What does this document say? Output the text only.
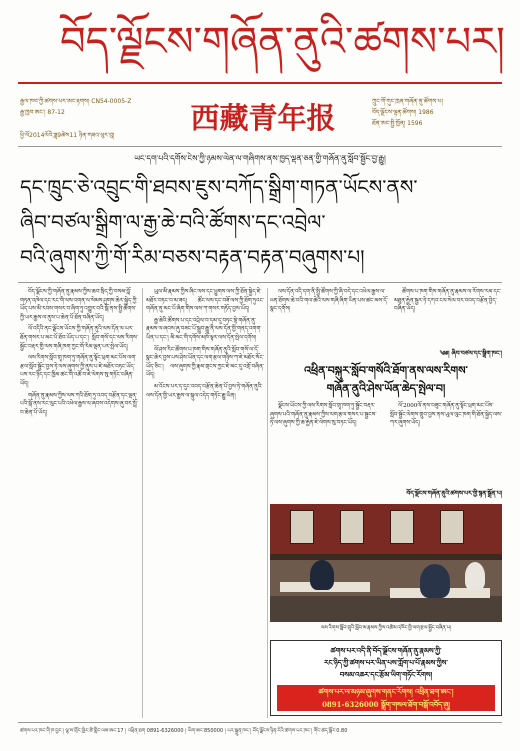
བོད་ལྗོངས་གཞོན་ནུའི་ཚགས་པར།
རྒྱལ་ཁབ་ཀྱི་ཚགས་པར་ཨང་རྟགས། CN54-0005-Z
རྒྱ་ཁྱབ་ཨང་། 87-12	西藏青年报	ཀྲུང་གོ་གུང་ཁྲན་གཞོན་ནུ་ཚོགས་པ།
བོད་ལྗོངས་ལྷན་ཚོགས། 1986
ཐོན་ཨང་སྤྱི་ཁྱོན། 1596
ཕྱི་ལོ2014ལོའི་ཟླ9ཚེས11 ཉིན་གཟའ་ཕུར་བུ།
ཡང་དག་པའི་དགོས་ངེས་ཀྱི་ཉམས་ལེན་ལ་གཞིགས་ནས་ཁྱད་ལྡན་ཅན་གྱི་གཞོན་ནུ་སློབ་སྦྱོང་བྱ་རྒྱུ།
དང་ཁྲུང་ཅེ་འབྲུང་གི་ཐབས་ཇུས་བཀོད་སྒྲིག་གཏན་ཡོངས་ནས་
ཞིབ་བཙལ་སྒྲིག་ལ་རྒྱ་ཆེ་བའི་ཚོགས་དང་འབྲེལ་
བའི་ཞུགས་ཀྱི་གོ་རིམ་བཅས་བརྟན་བརྟན་བཞུགས་པ།

བོད་ལྗོངས་ཀྱི་གཞོན་ནུ་རྣམས་ཀྱིས་ཆབ་སྲིད་ཀྱི་བསམ་བློ་གཏན་འཁེལ་དང་རང་གི་ལས་འགན་ལ་སེམས་ཤུགས་ཆེར་སྐྱེད་ཀྱི་ཡོད་པས་མི་རབས་གསར་བ་ཞིག་ཏུ་འགྱུར་བའི་སྒོ་ནས་སྤྱི་ཚོགས་ཀྱི་ཡར་རྒྱས་ལ་ནུས་པ་ཆེན་པོ་ཐོན་བཞིན་ཡོད།

ལོ་འདིའི་ནང་ལྗོངས་ཡོངས་ཀྱི་གཞོན་ནུའི་ལས་དོན་ལ་ཡར་ཐོན་གསར་པ་མང་པོ་ཐོབ་ཡོད་པ་དང་། སློབ་གསོ་དང་ལས་རིགས་སྦྱོང་བརྡར་གྱི་ལས་གཞི་ཁག་ཀྱང་གོ་རིམ་ལྡན་པར་སྤེལ་ཡོད།

ལས་རིགས་སློབ་གྲྭ་ཁག་ཏུ་གཞོན་ནུ་སྟོང་ཕྲག་མང་པོས་ལག་རྩལ་སློབ་སྦྱོང་བྱས་ཏེ་ལས་ཞུགས་ཀྱི་ནུས་པ་ཇེ་མཐོར་བཏང་ཡོད་པས་རང་ཉིད་དང་ཁྱིམ་ཚང་གི་འཚོ་བ་ཇེ་ལེགས་སུ་གཏོང་བཞིན་ཡོད།

གཞོན་ནུ་རྣམས་ཀྱིས་ལས་ཀའི་ཐོག་ཏུ་འབད་བརྩོན་དང་ལྡན་པའི་སྒོ་ནས་རང་ལུང་པའི་འཕེལ་རྒྱས་ལ་ཞབས་འདེགས་ཞུ་བར་སྤྲོ་བ་ཆེན་པོ་ཡོད།

ཡུལ་མི་རྣམས་ཀྱིས་ཞིང་ལས་དང་ཕྱུགས་ལས་ཀྱི་ཐོན་སྐྱེད་ཇེ་མཐོར་བཏང་བ་མ་ཟད། ཚོང་ལས་དང་བཟོ་ལས་ཀྱི་ཐོག་ཏུའང་གཞོན་ནུ་མང་པོ་ཞིག་གིས་ལས་ཀ་གསར་གཏོད་བྱས་ཡོད།

རྒྱ་ཆེའི་ཚོགས་པ་དང་འབྲེལ་བ་དམ་དུ་བཏང་སྟེ་གཞོན་ནུ་རྣམས་ལ་ཞབས་ཞུ་བཟང་པོ་སྒྲུབ་རྒྱུ་ནི་ལས་དོན་གྱི་གནད་འགག་ཡིན་པ་དང་། མི་མང་གི་དགོས་མཁོ་ལྟར་ལས་དོན་སྤེལ་དགོས།

ལོ་ཤས་རིང་ཚོགས་པ་ཁག་གིས་གཞོན་ནུའི་སློབ་གསོ་ལ་དོ་སྣང་ཆེར་བྱས་པས་ཤེས་ཡོན་དང་ལག་རྩལ་གཉིས་ཀ་ཇེ་མཐོར་སོང་ཡོད་ཅིང་། ལས་ཞུགས་ཀྱི་རྣམ་གྲངས་ཀྱང་ཇེ་མང་དུ་འགྲོ་བཞིན་ཡོད།

མ་འོངས་པར་ད་དུང་འབད་བརྩོན་ཆེན་པོ་བྱས་ཏེ་གཞོན་ནུའི་ལས་དོན་གྱི་ཡར་རྒྱས་ལ་སྐུལ་འདེད་གཏོང་རྒྱུ་ཡིན།

ལས་དོན་འདི་དག་ནི་སྤྱི་ཚོགས་ཀྱི་ཞི་བདེ་དང་འཕེལ་རྒྱས་ལ་ཕན་ཐོགས་ཆེ་བའི་གལ་ཆེའི་ལས་གཞི་ཞིག་ཡིན་པས་ཚང་མས་དོ་སྣང་དགོས།

ཚོགས་པ་ཁག་གིས་གཞོན་ནུ་རྣམས་ལ་རོགས་རམ་དང་མཐུན་རྐྱེན་སྦྱར་ཏེ་དཀའ་ངལ་སེལ་བར་འབད་བརྩོན་བྱེད་བཞིན་ཡོད།

༄༅། ཞིབ་བཙལ་དང་སྒྲིག་ཁང་།
འཕྲིན་བསྐུར་སློབ་གསོའི་ཐོག་ནས་ལས་རིགས་
གཞོན་ནུའི་ཤེས་ཡོན་ཆེད་སྤེལ་བ།

ལྗོངས་ཡོངས་ཀྱི་ལས་རིགས་སློབ་གྲྭ་ཁག་ཏུ་སྦྱོང་བརྡར་ཞུགས་པའི་གཞོན་ནུ་རྣམས་ཀྱིས་ལག་རྩལ་གསར་པ་སྦྱངས་ཏེ་ལས་ཞུགས་ཀྱི་ཆ་རྐྱེན་ཇེ་ལེགས་སུ་བཏང་ཡོད།

ལོ་2000ལོ་ནས་བཟུང་གཞོན་ནུ་སྟོང་ཕྲག་མང་པོས་སློབ་སྦྱོང་ལེགས་གྲུབ་བྱས་ནས་ཡུལ་ལུང་ཁག་གི་ཐོན་སྐྱེད་ལས་ཀར་ཞུགས་ཡོད།

བོད་ལྗོངས་གཞོན་ནུའི་ཚགས་པར་གྱི་སྙན་སྒྲོན་པ།
ལས་རིགས་སློབ་གྲྭའི་སློབ་མ་རྣམས་ཀྱིས་འཚེམ་འཁོར་གྱི་ལག་རྩལ་སྦྱོང་བཞིན་པ།
ཚགས་པར་འདི་ནི་བོད་ལྗོངས་གཞོན་ནུ་རྣམས་ཀྱི་
རང་ཉིད་ཀྱི་ཚགས་པར་ཡིན་པས་ཀློག་པ་པོ་རྣམས་ཀྱིས་
བསམ་འཆར་དང་རྩོམ་ཡིག་གཏོང་རོགས།
ཚགས་པར་ལ་མཉམ་ཞུགས་གནང་རོགས། འཕྲིན་ཐག་ཨང་།
0891-6326000 སྒྲོག་གསལ་ཐོག་བསྒོ་འབོད་ཞུ།
ཚགས་པར་ཁང་གི་ཁ་བྱང་། ལྷ་ས་གྲོང་ཁྱེར་ཚེ་གླིང་ལམ་ཨང་17 ། འཕྲིན་ཐག 0891-6326000 ། ཡིག་ཨང་850000 ། པར་སྐྲུན་ཁང་། བོད་ལྗོངས་ཉིན་རེའི་ཚགས་པར་ཁང་། གོང་ཚད་སྒོར་0.80
